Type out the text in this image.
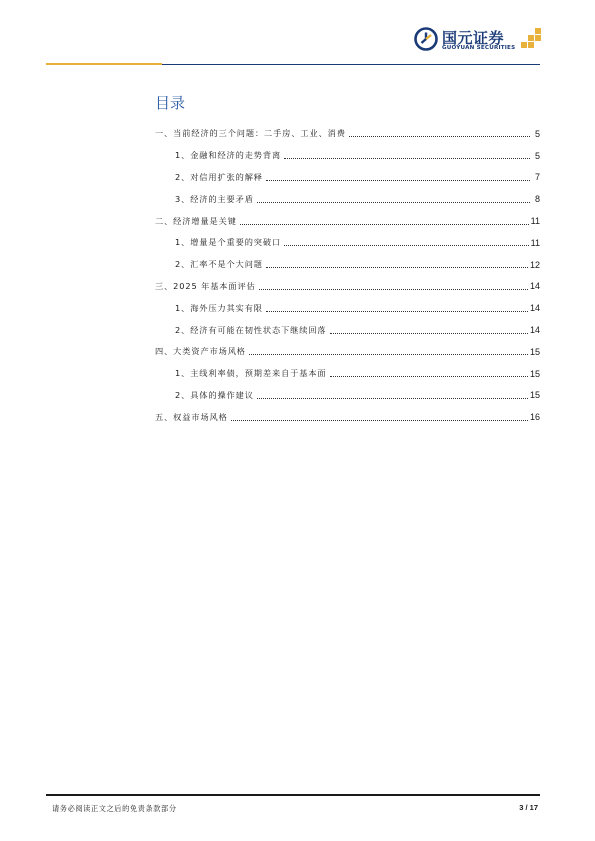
国元证券
GUOYUAN SECURITIES
目录
一、当前经济的三个问题：二手房、工业、消费	5
1、金融和经济的走势背离	5
2、对信用扩张的解释	7
3、经济的主要矛盾	8
二、经济增量是关键	11
1、增量是个重要的突破口	11
2、汇率不是个大问题	12
三、2025 年基本面评估	14
1、海外压力其实有限	14
2、经济有可能在韧性状态下继续回落	14
四、大类资产市场风格	15
1、主线利率债，预期差来自于基本面	15
2、具体的操作建议	15
五、权益市场风格	16
请务必阅读正文之后的免责条款部分	3 / 17
